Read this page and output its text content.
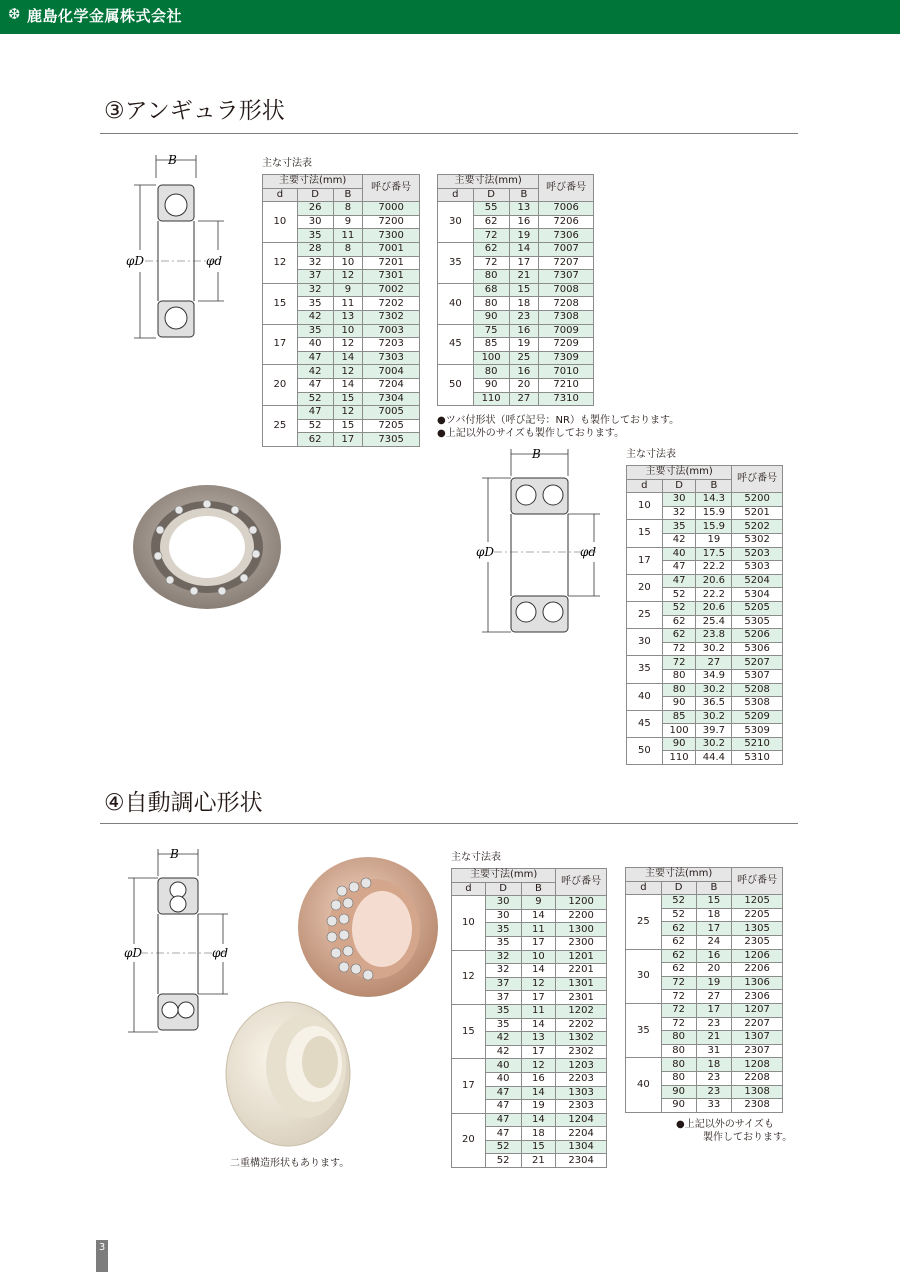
❆ 鹿島化学金属株式会社
③アンギュラ形状
B
φD	φd
主な寸法表
主要寸法(mm)			呼び番号
d	D	B	
10	26	8	7000
	30	9	7200
	35	11	7300
12	28	8	7001
	32	10	7201
	37	12	7301
15	32	9	7002
	35	11	7202
	42	13	7302
17	35	10	7003
	40	12	7203
	47	14	7303
20	42	12	7004
	47	14	7204
	52	15	7304
25	47	12	7005
	52	15	7205
	62	17	7305
主要寸法(mm)			呼び番号
d	D	B	
30	55	13	7006
	62	16	7206
	72	19	7306
35	62	14	7007
	72	17	7207
	80	21	7307
40	68	15	7008
	80	18	7208
	90	23	7308
45	75	16	7009
	85	19	7209
	100	25	7309
50	80	16	7010
	90	20	7210
	110	27	7310
●ツバ付形状（呼び記号：NR）も製作しております。
●上記以外のサイズも製作しております。
B
φD	φd
主な寸法表
主要寸法(mm)			呼び番号
d	D	B	
10	30	14.3	5200
	32	15.9	5201
15	35	15.9	5202
	42	19	5302
17	40	17.5	5203
	47	22.2	5303
20	47	20.6	5204
	52	22.2	5304
25	52	20.6	5205
	62	25.4	5305
30	62	23.8	5206
	72	30.2	5306
35	72	27	5207
	80	34.9	5307
40	80	30.2	5208
	90	36.5	5308
45	85	30.2	5209
	100	39.7	5309
50	90	30.2	5210
	110	44.4	5310
④自動調心形状
B
φD	φd
二重構造形状もあります。
主な寸法表
主要寸法(mm)			呼び番号
d	D	B	
10	30	9	1200
	30	14	2200
	35	11	1300
	35	17	2300
12	32	10	1201
	32	14	2201
	37	12	1301
	37	17	2301
15	35	11	1202
	35	14	2202
	42	13	1302
	42	17	2302
17	40	12	1203
	40	16	2203
	47	14	1303
	47	19	2303
20	47	14	1204
	47	18	2204
	52	15	1304
	52	21	2304
主要寸法(mm)			呼び番号
d	D	B	
25	52	15	1205
	52	18	2205
	62	17	1305
	62	24	2305
30	62	16	1206
	62	20	2206
	72	19	1306
	72	27	2306
35	72	17	1207
	72	23	2207
	80	21	1307
	80	31	2307
40	80	18	1208
	80	23	2208
	90	23	1308
	90	33	2308
●上記以外のサイズも
製作しております。
3
